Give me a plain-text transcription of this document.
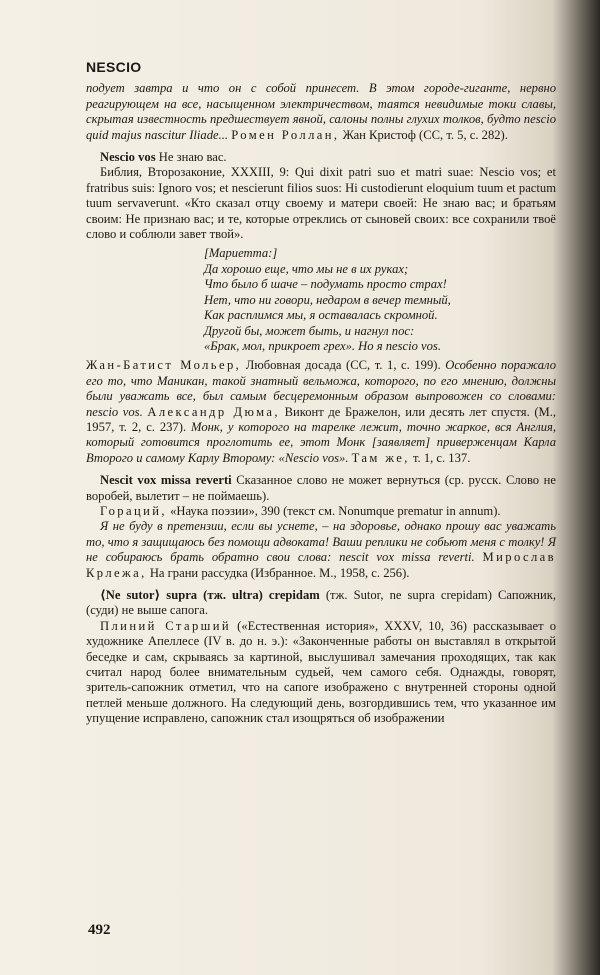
NESCIO

подует завтра и что он с собой принесет. В этом городе-гиганте, нервно реагирующем на все, насыщенном электричеством, таятся невидимые токи славы, скрытая известность предшествует явной, салоны полны глухих толков, будто nescio quid majus nascitur Iliade... Ромен Роллан, Жан Кристоф (СС, т. 5, с. 282).

Nescio vos Не знаю вас.

Библия, Второзаконие, XXXIII, 9: Qui dixit patri suo et matri suae: Nescio vos; et fratribus suis: Ignoro vos; et nescierunt filios suos: Hi custodierunt eloquium tuum et pactum tuum servaverunt. «Кто сказал отцу своему и матери своей: Не знаю вас; и братьям своим: Не признаю вас; и те, которые отреклись от сыновей своих: все сохранили твоё слово и соблюли завет твой».

[Мариетта:]
Да хорошо еще, что мы не в их руках;
Что было б шаче – подумать просто страх!
Нет, что ни говори, недаром в вечер темный,
Как расплимся мы, я оставалась скромной.
Другой бы, может быть, и нагнул пос:
«Брак, мол, прикроет грех». Но я nescio vos.

Жан-Батист Мольер, Любовная досада (СС, т. 1, с. 199). Особенно поражало его то, что Маникан, такой знатный вельможа, которого, по его мнению, должны были уважать все, был самым бесцеремонным образом выпровожен со словами: nescio vos. Александр Дюма, Виконт де Бражелон, или десять лет спустя. (М., 1957, т. 2, с. 237). Монк, у которого на тарелке лежит, точно жаркое, вся Англия, который готовится проглотить ее, этот Монк [заявляет] приверженцам Карла Второго и самому Карлу Второму: «Nescio vos». Там же, т. 1, с. 137.

Nescit vox missa reverti Сказанное слово не может вернуться (ср. русск. Слово не воробей, вылетит – не поймаешь).

Гораций, «Наука поэзии», 390 (текст см. Nonumque prematur in annum).

Я не буду в претензии, если вы уснете, – на здоровье, однако прошу вас уважать то, что я защищаюсь без помощи адвоката! Ваши реплики не собьют меня с толку! Я не собираюсь брать обратно свои слова: nescit vox missa reverti. Мирослав Крлежа, На грани рассудка (Избранное. М., 1958, с. 256).

⟨Ne sutor⟩ supra (тж. ultra) crepidam (тж. Sutor, ne supra crepidam) Сапожник, (суди) не выше сапога.

Плиний Старший («Естественная история», XXXV, 10, 36) рассказывает о художнике Апеллесе (IV в. до н. э.): «Законченные работы он выставлял в открытой беседке и сам, скрываясь за картиной, выслушивал замечания проходящих, так как считал народ более внимательным судьей, чем самого себя. Однажды, говорят, зритель-сапожник отметил, что на сапоге изображено с внутренней стороны одной петлей меньше должного. На следующий день, возгордившись тем, что указанное им упущение исправлено, сапожник стал изощряться об изображении

492
